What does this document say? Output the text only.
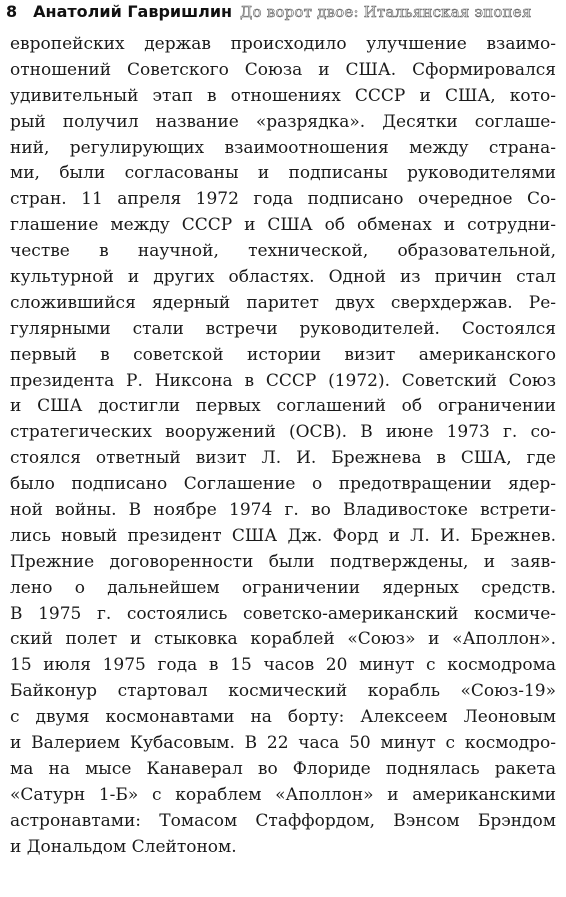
8 Анатолий Гавришлин До ворот двое: Итальянская эпопея
европейских держав происходило улучшение взаимо-
отношений Советского Союза и США. Сформировался
удивительный этап в отношениях СССР и США, кото-
рый получил название «разрядка». Десятки соглаше-
ний, регулирующих взаимоотношения между страна-
ми, были согласованы и подписаны руководителями
стран. 11 апреля 1972 года подписано очередное Со-
глашение между СССР и США об обменах и сотрудни-
честве в научной, технической, образовательной,
культурной и других областях. Одной из причин стал
сложившийся ядерный паритет двух сверхдержав. Ре-
гулярными стали встречи руководителей. Состоялся
первый в советской истории визит американского
президента Р. Никсона в СССР (1972). Советский Союз
и США достигли первых соглашений об ограничении
стратегических вооружений (ОСВ). В июне 1973 г. со-
стоялся ответный визит Л. И. Брежнева в США, где
было подписано Соглашение о предотвращении ядер-
ной войны. В ноябре 1974 г. во Владивостоке встрети-
лись новый президент США Дж. Форд и Л. И. Брежнев.
Прежние договоренности были подтверждены, и заяв-
лено о дальнейшем ограничении ядерных средств.
В 1975 г. состоялись советско-американский космиче-
ский полет и стыковка кораблей «Союз» и «Аполлон».
15 июля 1975 года в 15 часов 20 минут с космодрома
Байконур стартовал космический корабль «Союз-19»
с двумя космонавтами на борту: Алексеем Леоновым
и Валерием Кубасовым. В 22 часа 50 минут с космодро-
ма на мысе Канаверал во Флориде поднялась ракета
«Сатурн 1-Б» с кораблем «Аполлон» и американскими
астронавтами: Томасом Стаффордом, Вэнсом Брэндом
и Дональдом Слейтоном.
